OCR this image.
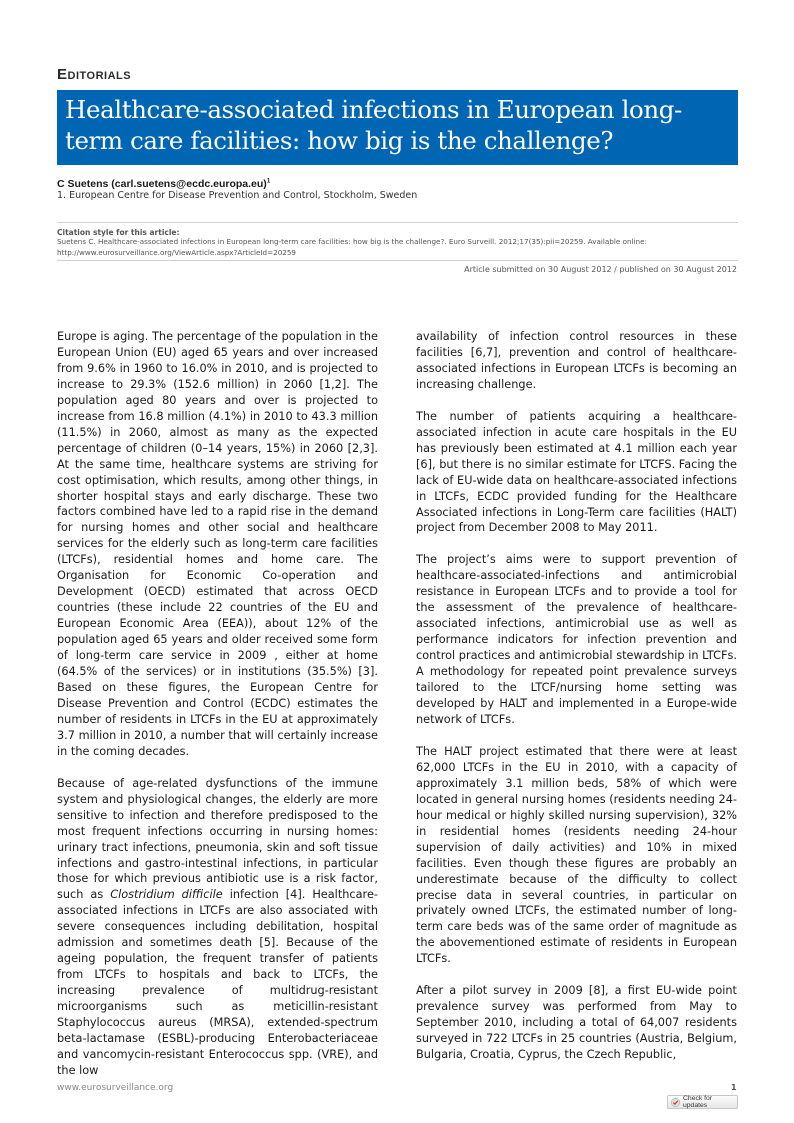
Editorials
Healthcare-associated infections in European long-term care facilities: how big is the challenge?
C Suetens (carl.suetens@ecdc.europa.eu)$^1$
1. European Centre for Disease Prevention and Control, Stockholm, Sweden
Citation style for this article:
Suetens C. Healthcare-associated infections in European long-term care facilities: how big is the challenge?. Euro Surveill. 2012;17(35):pii=20259. Available online: http://www.eurosurveillance.org/ViewArticle.aspx?ArticleId=20259
Article submitted on 30 August 2012 / published on 30 August 2012

Europe is aging. The percentage of the population in the European Union (EU) aged 65 years and over increased from 9.6% in 1960 to 16.0% in 2010, and is projected to increase to 29.3% (152.6 million) in 2060 [1,2]. The population aged 80 years and over is projected to increase from 16.8 million (4.1%) in 2010 to 43.3 million (11.5%) in 2060, almost as many as the expected percentage of children (0–14 years, 15%) in 2060 [2,3]. At the same time, healthcare systems are striving for cost optimisation, which results, among other things, in shorter hospital stays and early discharge. These two factors combined have led to a rapid rise in the demand for nursing homes and other social and healthcare services for the elderly such as long-term care facilities (LTCFs), residential homes and home care. The Organisation for Economic Co-operation and Development (OECD) estimated that across OECD countries (these include 22 countries of the EU and European Economic Area (EEA)), about 12% of the population aged 65 years and older received some form of long-term care service in 2009 , either at home (64.5% of the services) or in institutions (35.5%) [3]. Based on these figures, the European Centre for Disease Prevention and Control (ECDC) estimates the number of residents in LTCFs in the EU at approximately 3.7 million in 2010, a number that will certainly increase in the coming decades.

Because of age-related dysfunctions of the immune system and physiological changes, the elderly are more sensitive to infection and therefore predisposed to the most frequent infections occurring in nursing homes: urinary tract infections, pneumonia, skin and soft tissue infections and gastro-intestinal infections, in particular those for which previous antibiotic use is a risk factor, such as Clostridium difficile infection [4]. Healthcare-associated infections in LTCFs are also associated with severe consequences including debilitation, hospital admission and sometimes death [5]. Because of the ageing population, the frequent transfer of patients from LTCFs to hospitals and back to LTCFs, the increasing prevalence of multidrug-resistant microorganisms such as meticillin-resistant Staphylococcus aureus (MRSA), extended-spectrum beta-lactamase (ESBL)-producing Enterobacteriaceae and vancomycin-resistant Enterococcus spp. (VRE), and the low

availability of infection control resources in these facilities [6,7], prevention and control of healthcare-associated infections in European LTCFs is becoming an increasing challenge.

The number of patients acquiring a healthcare-associated infection in acute care hospitals in the EU has previously been estimated at 4.1 million each year [6], but there is no similar estimate for LTCFS. Facing the lack of EU-wide data on healthcare-associated infections in LTCFs, ECDC provided funding for the Healthcare Associated infections in Long-Term care facilities (HALT) project from December 2008 to May 2011.

The project’s aims were to support prevention of healthcare-associated-infections and antimicrobial resistance in European LTCFs and to provide a tool for the assessment of the prevalence of healthcare-associated infections, antimicrobial use as well as performance indicators for infection prevention and control practices and antimicrobial stewardship in LTCFs. A methodology for repeated point prevalence surveys tailored to the LTCF/nursing home setting was developed by HALT and implemented in a Europe-wide network of LTCFs.

The HALT project estimated that there were at least 62,000 LTCFs in the EU in 2010, with a capacity of approximately 3.1 million beds, 58% of which were located in general nursing homes (residents needing 24-hour medical or highly skilled nursing supervision), 32% in residential homes (residents needing 24-hour supervision of daily activities) and 10% in mixed facilities. Even though these figures are probably an underestimate because of the difficulty to collect precise data in several countries, in particular on privately owned LTCFs, the estimated number of long-term care beds was of the same order of magnitude as the abovementioned estimate of residents in European LTCFs.

After a pilot survey in 2009 [8], a first EU-wide point prevalence survey was performed from May to September 2010, including a total of 64,007 residents surveyed in 722 LTCFs in 25 countries (Austria, Belgium, Bulgaria, Croatia, Cyprus, the Czech Republic,

www.eurosurveillance.org	1
Check for updates
